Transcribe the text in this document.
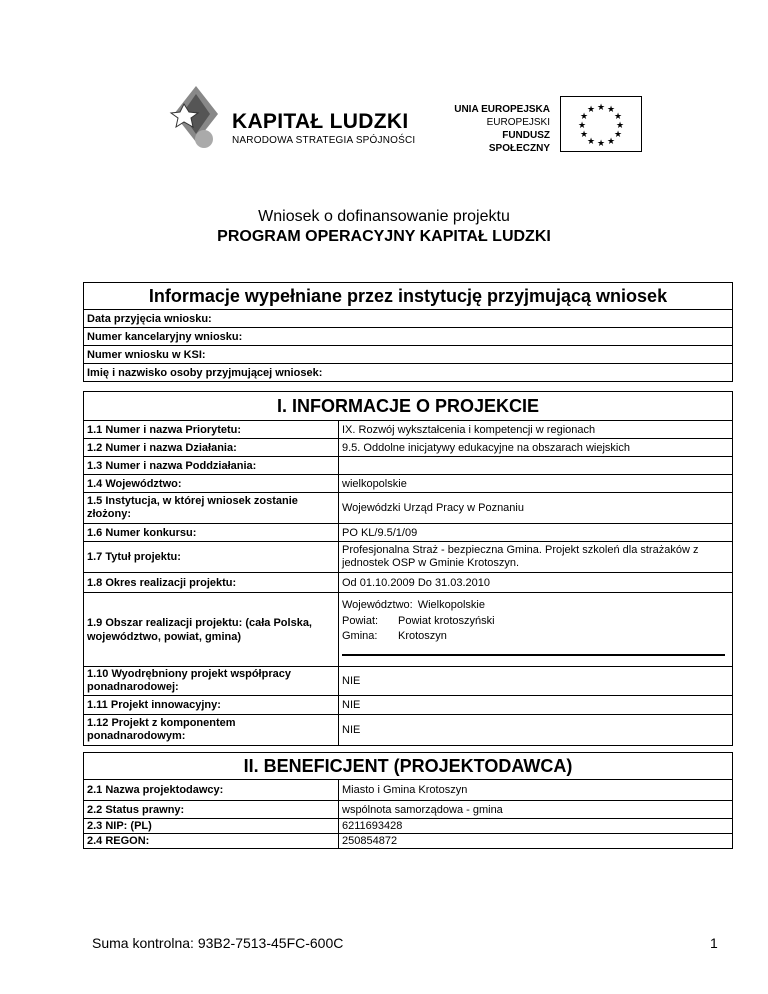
KAPITAŁ LUDZKI
NARODOWA STRATEGIA SPÓJNOŚCI
UNIA EUROPEJSKA
EUROPEJSKI
FUNDUSZ SPOŁECZNY
★ ★
★
★
★
★
★
★
★
★
★
★
Wniosek o dofinansowanie projektu
PROGRAM OPERACYJNY KAPITAŁ LUDZKI
Informacje wypełniane przez instytucję przyjmującą wniosek
Data przyjęcia wniosku:
Numer kancelaryjny wniosku:
Numer wniosku w KSI:
Imię i nazwisko osoby przyjmującej wniosek:
I. INFORMACJE O PROJEKCIE
1.1 Numer i nazwa Priorytetu:	IX. Rozwój wykształcenia i kompetencji w regionach
1.2 Numer i nazwa Działania:	9.5. Oddolne inicjatywy edukacyjne na obszarach wiejskich
1.3 Numer i nazwa Poddziałania:
1.4 Województwo:	wielkopolskie
1.5 Instytucja, w której wniosek zostanie złożony:	Wojewódzki Urząd Pracy w Poznaniu
1.6 Numer konkursu:	PO KL/9.5/1/09
1.7 Tytuł projektu:
Profesjonalna Straż - bezpieczna Gmina. Projekt szkoleń dla strażaków z jednostek OSP w Gminie Krotoszyn.
1.8 Okres realizacji projektu:	Od 01.10.2009 Do 31.03.2010
1.9 Obszar realizacji projektu: (cała Polska, województwo, powiat, gmina)
Województwo: Wielkopolskie
Powiat:	Powiat krotoszyński
Gmina:	Krotoszyn
1.10 Wyodrębniony projekt współpracy ponadnarodowej:	NIE
1.11 Projekt innowacyjny:	NIE
1.12 Projekt z komponentem ponadnarodowym:	NIE
II. BENEFICJENT (PROJEKTODAWCA)
2.1 Nazwa projektodawcy:	Miasto i Gmina Krotoszyn
2.2 Status prawny:	wspólnota samorządowa - gmina
2.3 NIP: (PL)	6211693428
2.4 REGON:	250854872
Suma kontrolna: 93B2-7513-45FC-600C	1
